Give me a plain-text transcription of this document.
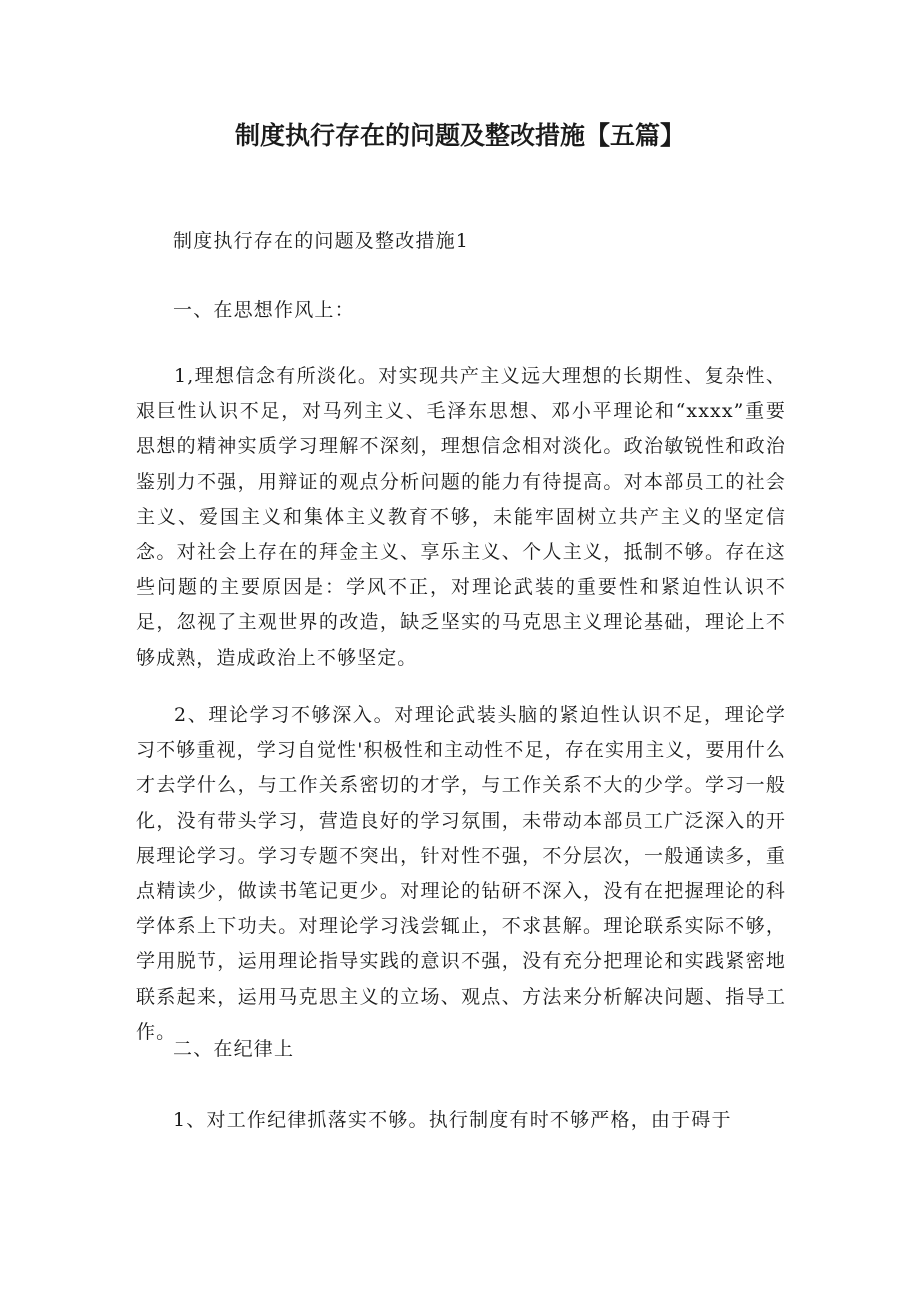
制度执行存在的问题及整改措施【五篇】

制度执行存在的问题及整改措施1

一、在思想作风上：

1,理想信念有所淡化。对实现共产主义远大理想的长期性、复杂性、艰巨性认识不足，对马列主义、毛泽东思想、邓小平理论和“xxxx”重要思想的精神实质学习理解不深刻，理想信念相对淡化。政治敏锐性和政治鉴别力不强，用辩证的观点分析问题的能力有待提高。对本部员工的社会主义、爱国主义和集体主义教育不够，未能牢固树立共产主义的坚定信念。对社会上存在的拜金主义、享乐主义、个人主义，抵制不够。存在这些问题的主要原因是：学风不正，对理论武装的重要性和紧迫性认识不足，忽视了主观世界的改造，缺乏坚实的马克思主义理论基础，理论上不够成熟，造成政治上不够坚定。

2、理论学习不够深入。对理论武装头脑的紧迫性认识不足，理论学习不够重视，学习自觉性'积极性和主动性不足，存在实用主义，要用什么才去学什么，与工作关系密切的才学，与工作关系不大的少学。学习一般化，没有带头学习，营造良好的学习氛围，未带动本部员工广泛深入的开展理论学习。学习专题不突出，针对性不强，不分层次，一般通读多，重点精读少，做读书笔记更少。对理论的钻研不深入，没有在把握理论的科学体系上下功夫。对理论学习浅尝辄止，不求甚解。理论联系实际不够，学用脱节，运用理论指导实践的意识不强，没有充分把理论和实践紧密地联系起来，运用马克思主义的立场、观点、方法来分析解决问题、指导工作。

二、在纪律上

1、对工作纪律抓落实不够。执行制度有时不够严格，由于碍于
